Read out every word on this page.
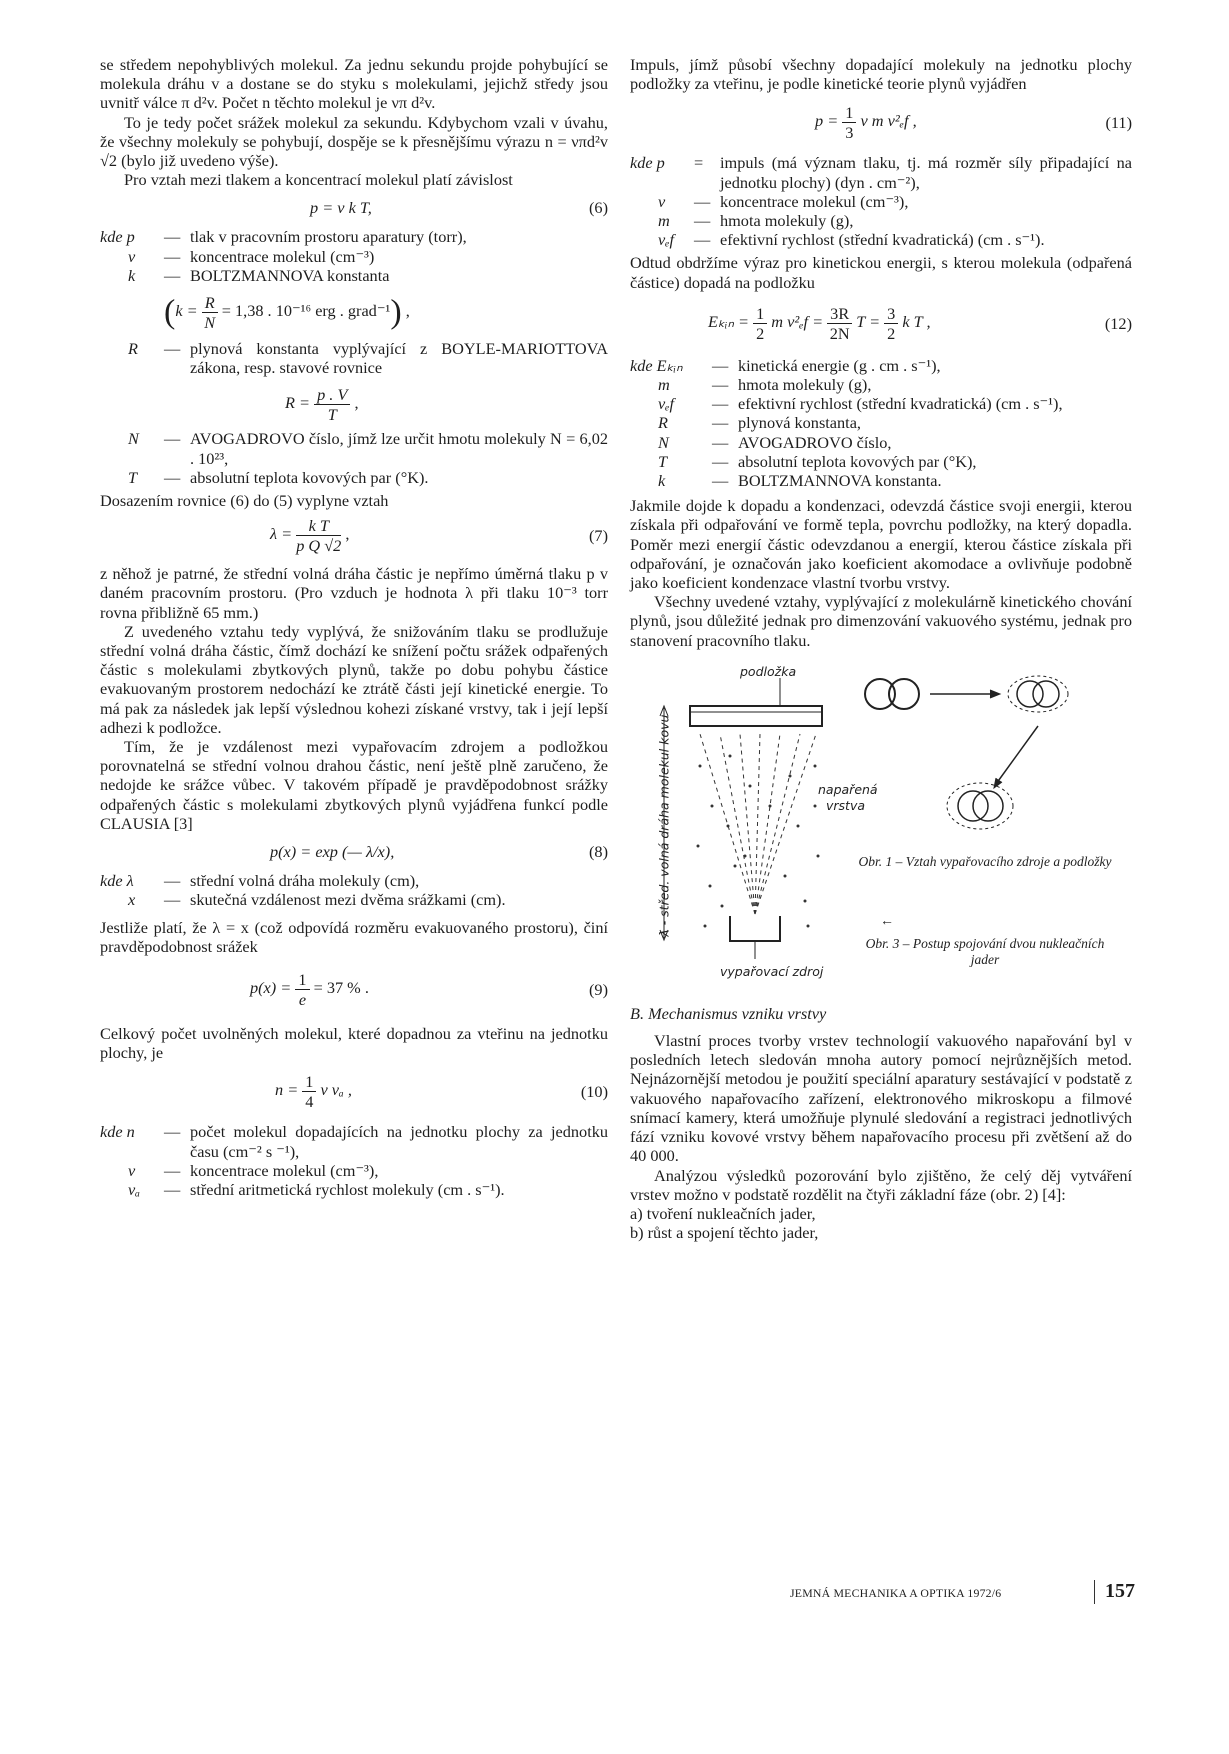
se středem nepohyblivých molekul. Za jednu sekundu projde pohybující se molekula dráhu v a dostane se do styku s molekulami, jejichž středy jsou uvnitř válce π d²v. Počet n těchto molekul je νπ d²v.

To je tedy počet srážek molekul za sekundu. Kdybychom vzali v úvahu, že všechny molekuly se pohybují, dospěje se k přesnějšímu výrazu n = νπd²v √2 (bylo již uvedeno výše).

Pro vztah mezi tlakem a koncentrací molekul platí závislost

p = ν k T,	(6)
kde p	— tlak v pracovním prostoru aparatury (torr),
ν	— koncentrace molekul (cm⁻³)
k	— BOLTZMANNOVA konstanta
($k = \frac{R}{N} = 1,38$ . 10⁻¹⁶ erg . grad⁻¹) ,
R	— plynová konstanta vyplývající z BOYLE-MARIOTTOVA zákona, resp. stavové rovnice
$R = \frac{p . V}{T}$ ,
N	— AVOGADROVO číslo, jímž lze určit hmotu molekuly N = 6,02 . 10²³,
T	— absolutní teplota kovových par (°K).

Dosazením rovnice (6) do (5) vyplyne vztah

$\lambda = \frac{\text{k T}}{\text{p Q √2}}$ ,	(7)

z něhož je patrné, že střední volná dráha částic je nepřímo úměrná tlaku p v daném pracovním prostoru. (Pro vzduch je hodnota λ při tlaku 10⁻³ torr rovna přibližně 65 mm.)

Z uvedeného vztahu tedy vyplývá, že snižováním tlaku se prodlužuje střední volná dráha částic, čímž dochází ke snížení počtu srážek odpařených částic s molekulami zbytkových plynů, takže po dobu pohybu částice evakuovaným prostorem nedochází ke ztrátě části její kinetické energie. To má pak za následek jak lepší výslednou kohezi získané vrstvy, tak i její lepší adhezi k podložce.

Tím, že je vzdálenost mezi vypařovacím zdrojem a podložkou porovnatelná se střední volnou drahou částic, není ještě plně zaručeno, že nedojde ke srážce vůbec. V takovém případě je pravděpodobnost srážky odpařených částic s molekulami zbytkových plynů vyjádřena funkcí podle CLAUSIA [3]

p(x) = exp (— λ/x),	(8)
kde λ	— střední volná dráha molekuly (cm),
x	— skutečná vzdálenost mezi dvěma srážkami (cm).

Jestliže platí, že λ = x (což odpovídá rozměru evakuovaného prostoru), činí pravděpodobnost srážek

$p(x) = \frac{1}{e} = 37$ % .	(9)

Celkový počet uvolněných molekul, které dopadnou za vteřinu na jednotku plochy, je

$n = \frac{1}{4}$ ν vₐ ,	(10)
kde n	— počet molekul dopadajících na jednotku plochy za jednotku času (cm⁻² s ⁻¹),
ν	— koncentrace molekul (cm⁻³),
vₐ	— střední aritmetická rychlost molekuly (cm . s⁻¹).

Impuls, jímž působí všechny dopadající molekuly na jednotku plochy podložky za vteřinu, je podle kinetické teorie plynů vyjádřen

$p = \frac{1}{3}$ ν m v²ₑf ,	(11)
kde p	=	impuls (má význam tlaku, tj. má rozměr síly připadající na jednotku plochy) (dyn . cm⁻²),
ν	— koncentrace molekul (cm⁻³),
m	— hmota molekuly (g),
vₑf	— efektivní rychlost (střední kvadratická) (cm . s⁻¹).

Odtud obdržíme výraz pro kinetickou energii, s kterou molekula (odpařená částice) dopadá na podložku

Eₖᵢₙ = $\frac{1}{2}$ m $v^2_ef = \frac{3R}{2N}$ $T = \frac{3}{2}$ k T ,	(12)
kde Eₖᵢₙ	— kinetická energie (g . cm . s⁻¹),
m	— hmota molekuly (g),
vₑf	— efektivní rychlost (střední kvadratická) (cm . s⁻¹),
R	— plynová konstanta,
N	— AVOGADROVO číslo,
T	— absolutní teplota kovových par (°K),
k	— BOLTZMANNOVA konstanta.

Jakmile dojde k dopadu a kondenzaci, odevzdá částice svoji energii, kterou získala při odpařování ve formě tepla, povrchu podložky, na který dopadla. Poměr mezi energií částic odevzdanou a energií, kterou částice získala při odpařování, je označován jako koeficient akomodace a ovlivňuje podobně jako koeficient kondenzace vlastní tvorbu vrstvy.

Všechny uvedené vztahy, vyplývající z molekulárně kinetického chování plynů, jsou důležité jednak pro dimenzování vakuového systému, jednak pro stanovení pracovního tlaku.

podložka
napařená
vrstva
vypařovací zdroj
λ - střed. volná dráha molekul kovu	Obr. 1 – Vztah vypařovacího zdroje a podložky
←
Obr. 3 – Postup spojování dvou nukleačních jader

B. Mechanismus vzniku vrstvy

Vlastní proces tvorby vrstev technologií vakuového napařování byl v posledních letech sledován mnoha autory pomocí nejrůznějších metod. Nejnázornější metodou je použití speciální aparatury sestávající v podstatě z vakuového napařovacího zařízení, elektronového mikroskopu a filmové snímací kamery, která umožňuje plynulé sledování a registraci jednotlivých fází vzniku kovové vrstvy během napařovacího procesu při zvětšení až do 40 000.

Analýzou výsledků pozorování bylo zjištěno, že celý děj vytváření vrstev možno v podstatě rozdělit na čtyři základní fáze (obr. 2) [4]:

a) tvoření nukleačních jader,
b) růst a spojení těchto jader,
JEMNÁ MECHANIKA A OPTIKA 1972/6	157
